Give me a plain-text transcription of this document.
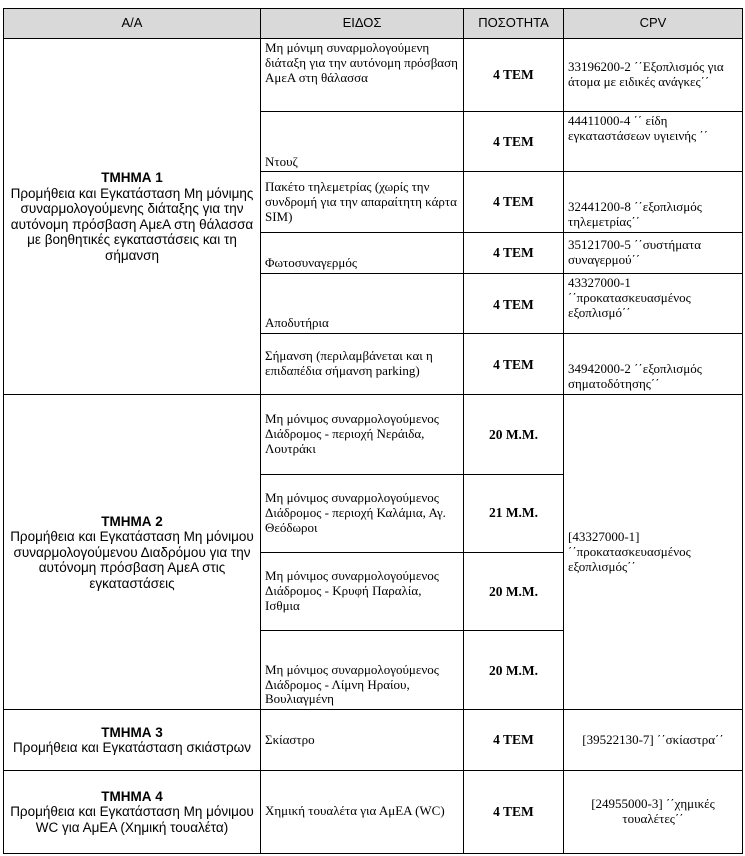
Α/Α	ΕΙΔΟΣ	ΠΟΣΟΤΗΤΑ	CPV

ΤΜΗΜΑ 1
Προμήθεια και Εγκατάσταση Μη μόνιμης συναρμολογούμενης διάταξης για την αυτόνομη πρόσβαση ΑμεΑ στη θάλασσα με βοηθητικές εγκαταστάσεις και τη σήμανση	Μη μόνιμη συναρμολογούμενη διάταξη για την αυτόνομη πρόσβαση ΑμεΑ στη θάλασσα	4 ΤΕΜ	33196200-2 ΄΄Εξοπλισμός για άτομα με ειδικές ανάγκες΄΄
	Ντουζ	4 ΤΕΜ	44411000-4 ΄΄ είδη εγκαταστάσεων υγιεινής ΄΄
	Πακέτο τηλεμετρίας (χωρίς την συνδρομή για την απαραίτητη κάρτα SIM)	4 ΤΕΜ	32441200-8 ΄΄εξοπλισμός τηλεμετρίας΄΄
	Φωτοσυναγερμός	4 ΤΕΜ	35121700-5 ΄΄συστήματα συναγερμού΄΄
	Αποδυτήρια	4 ΤΕΜ	43327000-1 ΄΄προκατασκευασμένος εξοπλισμό΄΄
	Σήμανση (περιλαμβάνεται και η επιδαπέδια σήμανση parking)	4 ΤΕΜ	34942000-2 ΄΄εξοπλισμός σηματοδότησης΄΄

ΤΜΗΜΑ 2
Προμήθεια και Εγκατάσταση Μη μόνιμου συναρμολογούμενου Διαδρόμου για την αυτόνομη πρόσβαση ΑμεΑ στις εγκαταστάσεις	Μη μόνιμος συναρμολογούμενος Διάδρομος - περιοχή Νεράιδα, Λουτράκι	20 Μ.Μ.	[43327000-1] ΄΄προκατασκευασμένος εξοπλισμός΄΄
	Μη μόνιμος συναρμολογούμενος Διάδρομος - περιοχή Καλάμια, Αγ. Θεόδωροι	21 Μ.Μ.	
	Μη μόνιμος συναρμολογούμενος Διάδρομος - Κρυφή Παραλία, Ισθμια	20 Μ.Μ.	
	Μη μόνιμος συναρμολογούμενος Διάδρομος - Λίμνη Ηραίου, Βουλιαγμένη	20 Μ.Μ.	

ΤΜΗΜΑ 3
Προμήθεια και Εγκατάσταση σκιάστρων	Σκίαστρο	4 ΤΕΜ	[39522130-7] ΄΄σκίαστρα΄΄

ΤΜΗΜΑ 4
Προμήθεια και Εγκατάσταση Μη μόνιμου WC για ΑμΕΑ (Χημική τουαλέτα)	Χημική τουαλέτα για ΑμΕΑ (WC)	4 ΤΕΜ	[24955000-3] ΄΄χημικές τουαλέτες΄΄
